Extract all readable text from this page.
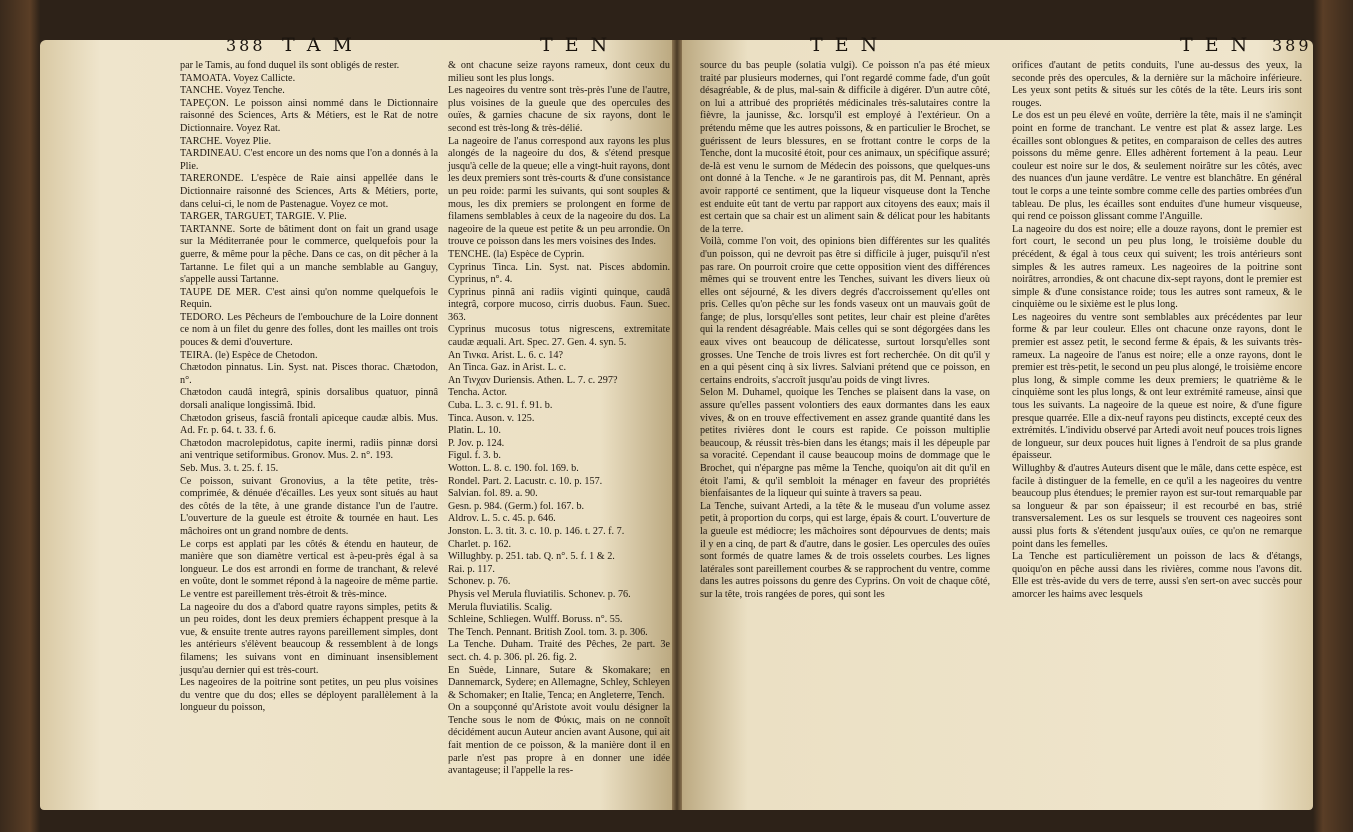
388 T A M	T E N	T E N	T E N 389

par le Tamis, au fond duquel ils sont obligés de rester.

TAMOATA. Voyez Callicte.

TANCHE. Voyez Tenche.

TAPEÇON. Le poisson ainsi nommé dans le Dictionnaire raisonné des Sciences, Arts & Métiers, est le Rat de notre Dictionnaire. Voyez Rat.

TARCHE. Voyez Plie.

TARDINEAU. C'est encore un des noms que l'on a donnés à la Plie.

TARERONDE. L'espèce de Raie ainsi appellée dans le Dictionnaire raisonné des Sciences, Arts & Métiers, porte, dans celui-ci, le nom de Pastenague. Voyez ce mot.

TARGER, TARGUET, TARGIE. V. Plie.

TARTANNE. Sorte de bâtiment dont on fait un grand usage sur la Méditerranée pour le commerce, quelquefois pour la guerre, & même pour la pêche. Dans ce cas, on dit pêcher à la Tartanne. Le filet qui a un manche semblable au Ganguy, s'appelle aussi Tartanne.

TAUPE DE MER. C'est ainsi qu'on nomme quelquefois le Requin.

TEDORO. Les Pêcheurs de l'embouchure de la Loire donnent ce nom à un filet du genre des folles, dont les mailles ont trois pouces & demi d'ouverture.

TEIRA. (le) Espèce de Chetodon.

Chætodon pinnatus. Lin. Syst. nat. Pisces thorac. Chætodon, n°.

Chætodon caudâ integrâ, spinis dorsalibus quatuor, pinnâ dorsali analique longissimâ. Ibid.

Chætodon griseus, fasciâ frontali apiceque caudæ albis. Mus. Ad. Fr. p. 64. t. 33. f. 6.

Chætodon macrolepidotus, capite inermi, radiis pinnæ dorsi ani ventrique setiformibus. Gronov. Mus. 2. n°. 193.

Seb. Mus. 3. t. 25. f. 15.

Ce poisson, suivant Gronovius, a la tête petite, très-comprimée, & dénuée d'écailles. Les yeux sont situés au haut des côtés de la tête, à une grande distance l'un de l'autre. L'ouverture de la gueule est étroite & tournée en haut. Les mâchoires ont un grand nombre de dents.

Le corps est applati par les côtés & étendu en hauteur, de manière que son diamètre vertical est à-peu-près égal à sa longueur. Le dos est arrondi en forme de tranchant, & relevé en voûte, dont le sommet répond à la nageoire de même partie. Le ventre est pareillement très-étroit & très-mince.

La nageoire du dos a d'abord quatre rayons simples, petits & un peu roides, dont les deux premiers échappent presque à la vue, & ensuite trente autres rayons pareillement simples, dont les antérieurs s'élèvent beaucoup & ressemblent à de longs filamens; les suivans vont en diminuant insensiblement jusqu'au dernier qui est très-court.

Les nageoires de la poitrine sont petites, un peu plus voisines du ventre que du dos; elles se déployent parallèlement à la longueur du poisson,

& ont chacune seize rayons rameux, dont ceux du milieu sont les plus longs.

Les nageoires du ventre sont très-près l'une de l'autre, plus voisines de la gueule que des opercules des ouïes, & garnies chacune de six rayons, dont le second est très-long & très-délié.

La nageoire de l'anus correspond aux rayons les plus alongés de la nageoire du dos, & s'étend presque jusqu'à celle de la queue; elle a vingt-huit rayons, dont les deux premiers sont très-courts & d'une consistance un peu roide: parmi les suivants, qui sont souples & mous, les dix premiers se prolongent en forme de filamens semblables à ceux de la nageoire du dos. La nageoire de la queue est petite & un peu arrondie. On trouve ce poisson dans les mers voisines des Indes.

TENCHE. (la) Espèce de Cyprin.

Cyprinus Tinca. Lin. Syst. nat. Pisces abdomin. Cyprinus, n°. 4.

Cyprinus pinnâ ani radiis viginti quinque, caudâ integrâ, corpore mucoso, cirris duobus. Faun. Suec. 363.

Cyprinus mucosus totus nigrescens, extremitate caudæ æquali. Art. Spec. 27. Gen. 4. syn. 5.

An Τινκα. Arist. L. 6. c. 14?

An Tinca. Gaz. in Arist. L. c.

An Τινχαν Duriensis. Athen. L. 7. c. 297?

Tencha. Actor.

Cuba. L. 3. c. 91. f. 91. b.

Tinca. Auson. v. 125.

Platin. L. 10.

P. Jov. p. 124.

Figul. f. 3. b.

Wotton. L. 8. c. 190. fol. 169. b.

Rondel. Part. 2. Lacustr. c. 10. p. 157.

Salvian. fol. 89. a. 90.

Gesn. p. 984. (Germ.) fol. 167. b.

Aldrov. L. 5. c. 45. p. 646.

Jonston. L. 3. tit. 3. c. 10. p. 146. t. 27. f. 7.

Charlet. p. 162.

Willughby. p. 251. tab. Q. n°. 5. f. 1 & 2.

Rai. p. 117.

Schonev. p. 76.

Physis vel Merula fluviatilis. Schonev. p. 76.

Merula fluviatilis. Scalig.

Schleine, Schliegen. Wulff. Boruss. n°. 55.

The Tench. Pennant. British Zool. tom. 3. p. 306.

La Tenche. Duham. Traité des Pêches, 2e part. 3e sect. ch. 4. p. 306. pl. 26. fig. 2.

En Suède, Linnare, Sutare & Skomakare; en Dannemarck, Sydere; en Allemagne, Schley, Schleyen & Schomaker; en Italie, Tenca; en Angleterre, Tench.

On a soupçonné qu'Aristote avoit voulu désigner la Tenche sous le nom de Φύκις, mais on ne connoît décidément aucun Auteur ancien avant Ausone, qui ait fait mention de ce poisson, & la manière dont il en parle n'est pas propre à en donner une idée avantageuse; il l'appelle la res-

source du bas peuple (solatia vulgi). Ce poisson n'a pas été mieux traité par plusieurs modernes, qui l'ont regardé comme fade, d'un goût désagréable, & de plus, mal-sain & difficile à digérer. D'un autre côté, on lui a attribué des propriétés médicinales très-salutaires contre la fièvre, la jaunisse, &c. lorsqu'il est employé à l'extérieur. On a prétendu même que les autres poissons, & en particulier le Brochet, se guérissent de leurs blessures, en se frottant contre le corps de la Tenche, dont la mucosité étoit, pour ces animaux, un spécifique assuré; de-là est venu le surnom de Médecin des poissons, que quelques-uns ont donné à la Tenche. « Je ne garantirois pas, dit M. Pennant, après avoir rapporté ce sentiment, que la liqueur visqueuse dont la Tenche est enduite eût tant de vertu par rapport aux citoyens des eaux; mais il est certain que sa chair est un aliment sain & délicat pour les habitants de la terre.

Voilà, comme l'on voit, des opinions bien différentes sur les qualités d'un poisson, qui ne devroit pas être si difficile à juger, puisqu'il n'est pas rare. On pourroit croire que cette opposition vient des différences mêmes qui se trouvent entre les Tenches, suivant les divers lieux où elles ont séjourné, & les divers degrés d'accroissement qu'elles ont pris. Celles qu'on pêche sur les fonds vaseux ont un mauvais goût de fange; de plus, lorsqu'elles sont petites, leur chair est pleine d'arêtes qui la rendent désagréable. Mais celles qui se sont dégorgées dans les eaux vives ont beaucoup de délicatesse, surtout lorsqu'elles sont grosses. Une Tenche de trois livres est fort recherchée. On dit qu'il y en a qui pèsent cinq à six livres. Salviani prétend que ce poisson, en certains endroits, s'accroît jusqu'au poids de vingt livres.

Selon M. Duhamel, quoique les Tenches se plaisent dans la vase, on assure qu'elles passent volontiers des eaux dormantes dans les eaux vives, & on en trouve effectivement en assez grande quantité dans les petites rivières dont le cours est rapide. Ce poisson multiplie beaucoup, & réussit très-bien dans les étangs; mais il les dépeuple par sa voracité. Cependant il cause beaucoup moins de dommage que le Brochet, qui n'épargne pas même la Tenche, quoiqu'on ait dit qu'il en étoit l'ami, & qu'il sembloit la ménager en faveur des propriétés bienfaisantes de la liqueur qui suinte à travers sa peau.

La Tenche, suivant Artedi, a la tête & le museau d'un volume assez petit, à proportion du corps, qui est large, épais & court. L'ouverture de la gueule est médiocre; les mâchoires sont dépourvues de dents; mais il y en a cinq, de part & d'autre, dans le gosier. Les opercules des ouïes sont formés de quatre lames & de trois osselets courbes. Les lignes latérales sont pareillement courbes & se rapprochent du ventre, comme dans les autres poissons du genre des Cyprins. On voit de chaque côté, sur la tête, trois rangées de pores, qui sont les

orifices d'autant de petits conduits, l'une au-dessus des yeux, la seconde près des opercules, & la dernière sur la mâchoire inférieure. Les yeux sont petits & situés sur les côtés de la tête. Leurs iris sont rouges.

Le dos est un peu élevé en voûte, derrière la tête, mais il ne s'aminçit point en forme de tranchant. Le ventre est plat & assez large. Les écailles sont oblongues & petites, en comparaison de celles des autres poissons du même genre. Elles adhèrent fortement à la peau. Leur couleur est noire sur le dos, & seulement noirâtre sur les côtés, avec des nuances d'un jaune verdâtre. Le ventre est blanchâtre. En général tout le corps a une teinte sombre comme celle des parties ombrées d'un tableau. De plus, les écailles sont enduites d'une humeur visqueuse, qui rend ce poisson glissant comme l'Anguille.

La nageoire du dos est noire; elle a douze rayons, dont le premier est fort court, le second un peu plus long, le troisième double du précédent, & égal à tous ceux qui suivent; les trois antérieurs sont simples & les autres rameux. Les nageoires de la poitrine sont noirâtres, arrondies, & ont chacune dix-sept rayons, dont le premier est simple & d'une consistance roide; tous les autres sont rameux, & le cinquième ou le sixième est le plus long.

Les nageoires du ventre sont semblables aux précédentes par leur forme & par leur couleur. Elles ont chacune onze rayons, dont le premier est assez petit, le second ferme & épais, & les suivants très-rameux. La nageoire de l'anus est noire; elle a onze rayons, dont le premier est très-petit, le second un peu plus alongé, le troisième encore plus long, & simple comme les deux premiers; le quatrième & le cinquième sont les plus longs, & ont leur extrémité rameuse, ainsi que tous les suivants. La nageoire de la queue est noire, & d'une figure presque quarrée. Elle a dix-neuf rayons peu distincts, excepté ceux des extrémités. L'individu observé par Artedi avoit neuf pouces trois lignes de longueur, sur deux pouces huit lignes à l'endroit de sa plus grande épaisseur.

Willughby & d'autres Auteurs disent que le mâle, dans cette espèce, est facile à distinguer de la femelle, en ce qu'il a les nageoires du ventre beaucoup plus étendues; le premier rayon est sur-tout remarquable par sa longueur & par son épaisseur; il est recourbé en bas, strié transversalement. Les os sur lesquels se trouvent ces nageoires sont aussi plus forts & s'étendent jusqu'aux ouïes, ce qu'on ne remarque point dans les femelles.

La Tenche est particulièrement un poisson de lacs & d'étangs, quoiqu'on en pêche aussi dans les rivières, comme nous l'avons dit. Elle est très-avide du vers de terre, aussi s'en sert-on avec succès pour amorcer les haims avec lesquels
